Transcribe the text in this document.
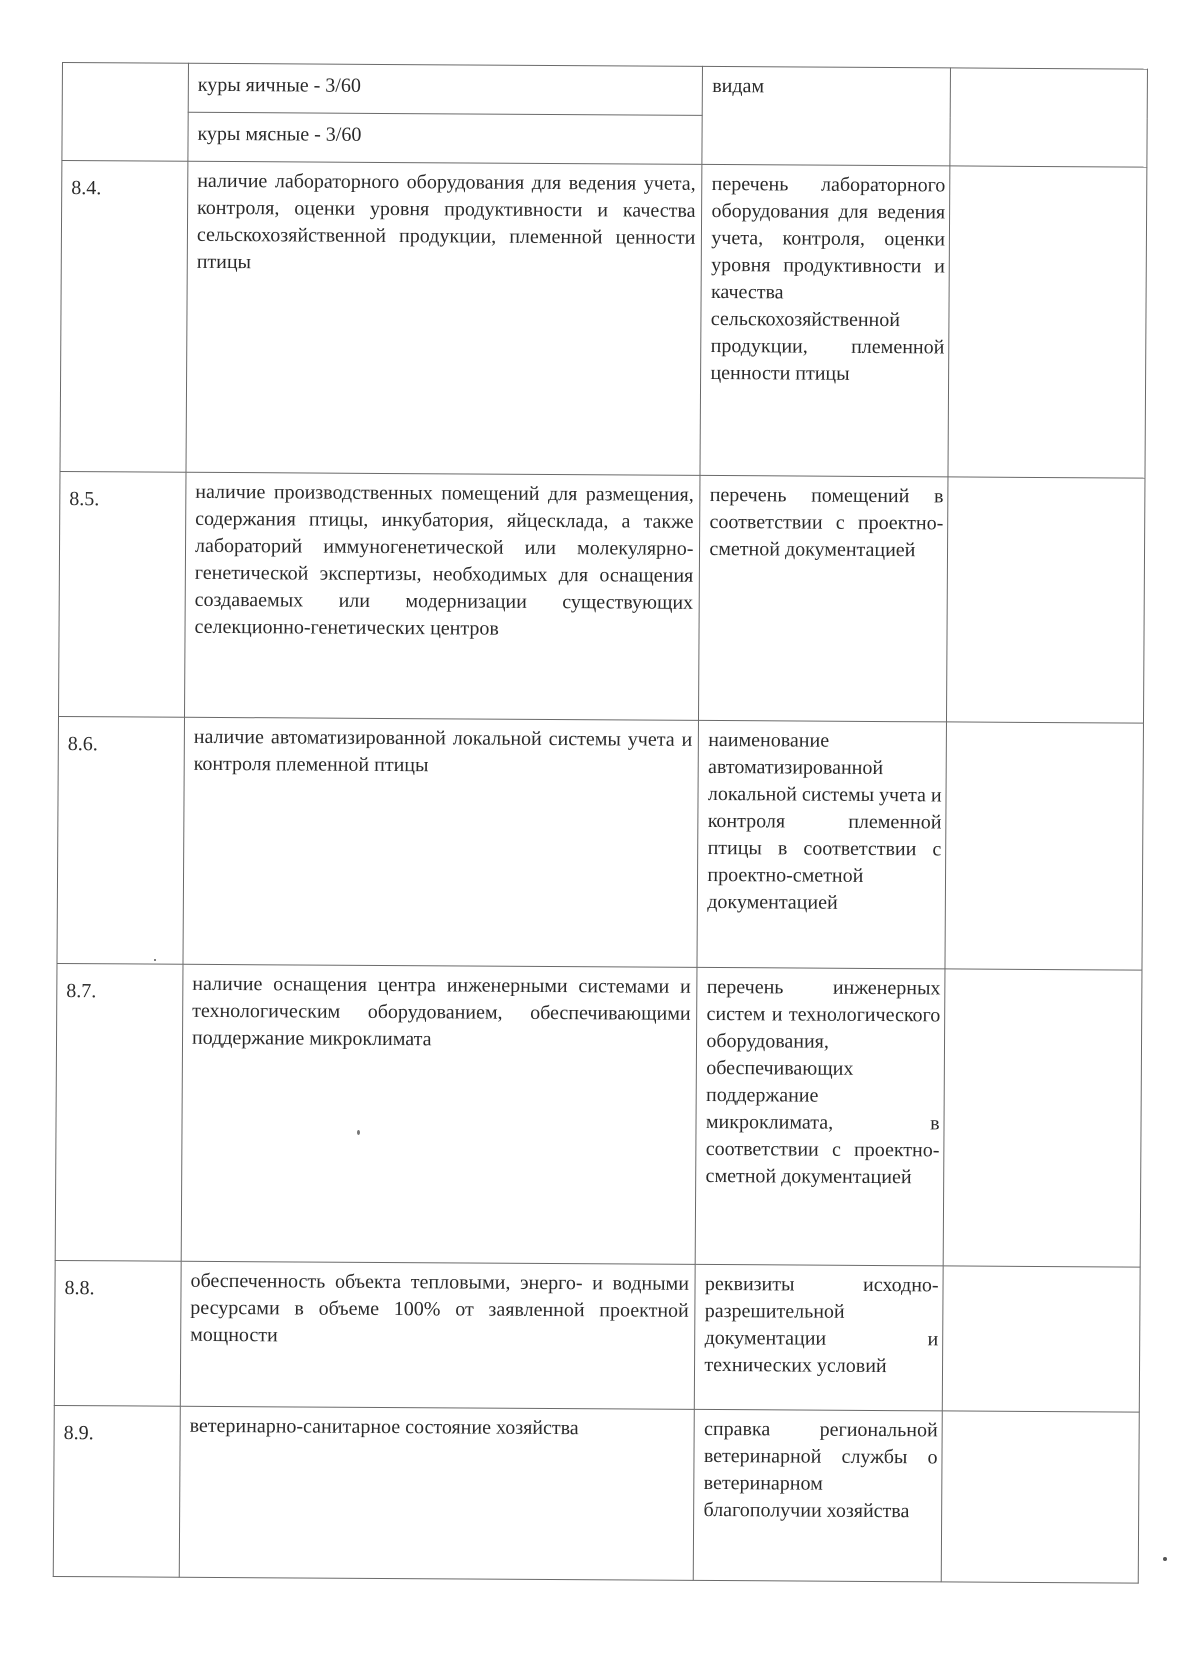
	куры яичные - 3/60	видам	
	куры мясные - 3/60		
8.4.	наличие лабораторного оборудования для ведения учета, контроля, оценки уровня продуктивности и качества сельскохозяйственной продукции, племенной ценности птицы	перечень лабораторного оборудования для ведения учета, контроля, оценки уровня продуктивности и качества сельскохозяйственной продукции, племенной ценности птицы	
8.5.	наличие производственных помещений для размещения, содержания птицы, инкубатория, яйцесклада, а также лабораторий иммуногенетической или молекулярно-генетической экспертизы, необходимых для оснащения создаваемых или модернизации существующих селекционно-генетических центров	перечень помещений в соответствии с проектно-сметной документацией	
8.6.	наличие автоматизированной локальной системы учета и контроля племенной птицы	наименование автоматизированной локальной системы учета и контроля племенной птицы в соответствии с проектно-сметной документацией	
8.7.	наличие оснащения центра инженерными системами и технологическим оборудованием, обеспечивающими поддержание микроклимата	перечень инженерных систем и технологического оборудования, обеспечивающих поддержание микроклимата, в соответствии с проектно-сметной документацией	
8.8.	обеспеченность объекта тепловыми, энерго- и водными ресурсами в объеме 100% от заявленной проектной мощности	реквизиты исходно-разрешительной документации и технических условий	
8.9.	ветеринарно-санитарное состояние хозяйства	справка региональной ветеринарной службы о ветеринарном благополучии хозяйства	
